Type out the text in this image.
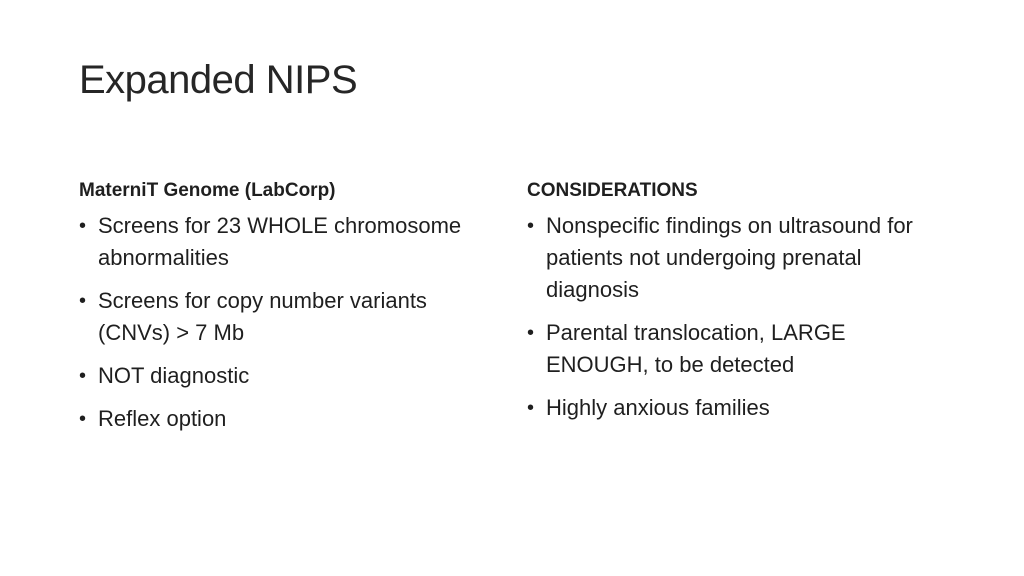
Expanded NIPS
MaterniT Genome (LabCorp)
• Screens for 23 WHOLE chromosome abnormalities
• Screens for copy number variants (CNVs) > 7 Mb
• NOT diagnostic
• Reflex option
CONSIDERATIONS
• Nonspecific findings on ultrasound for patients not undergoing prenatal diagnosis
• Parental translocation, LARGE ENOUGH, to be detected
• Highly anxious families
